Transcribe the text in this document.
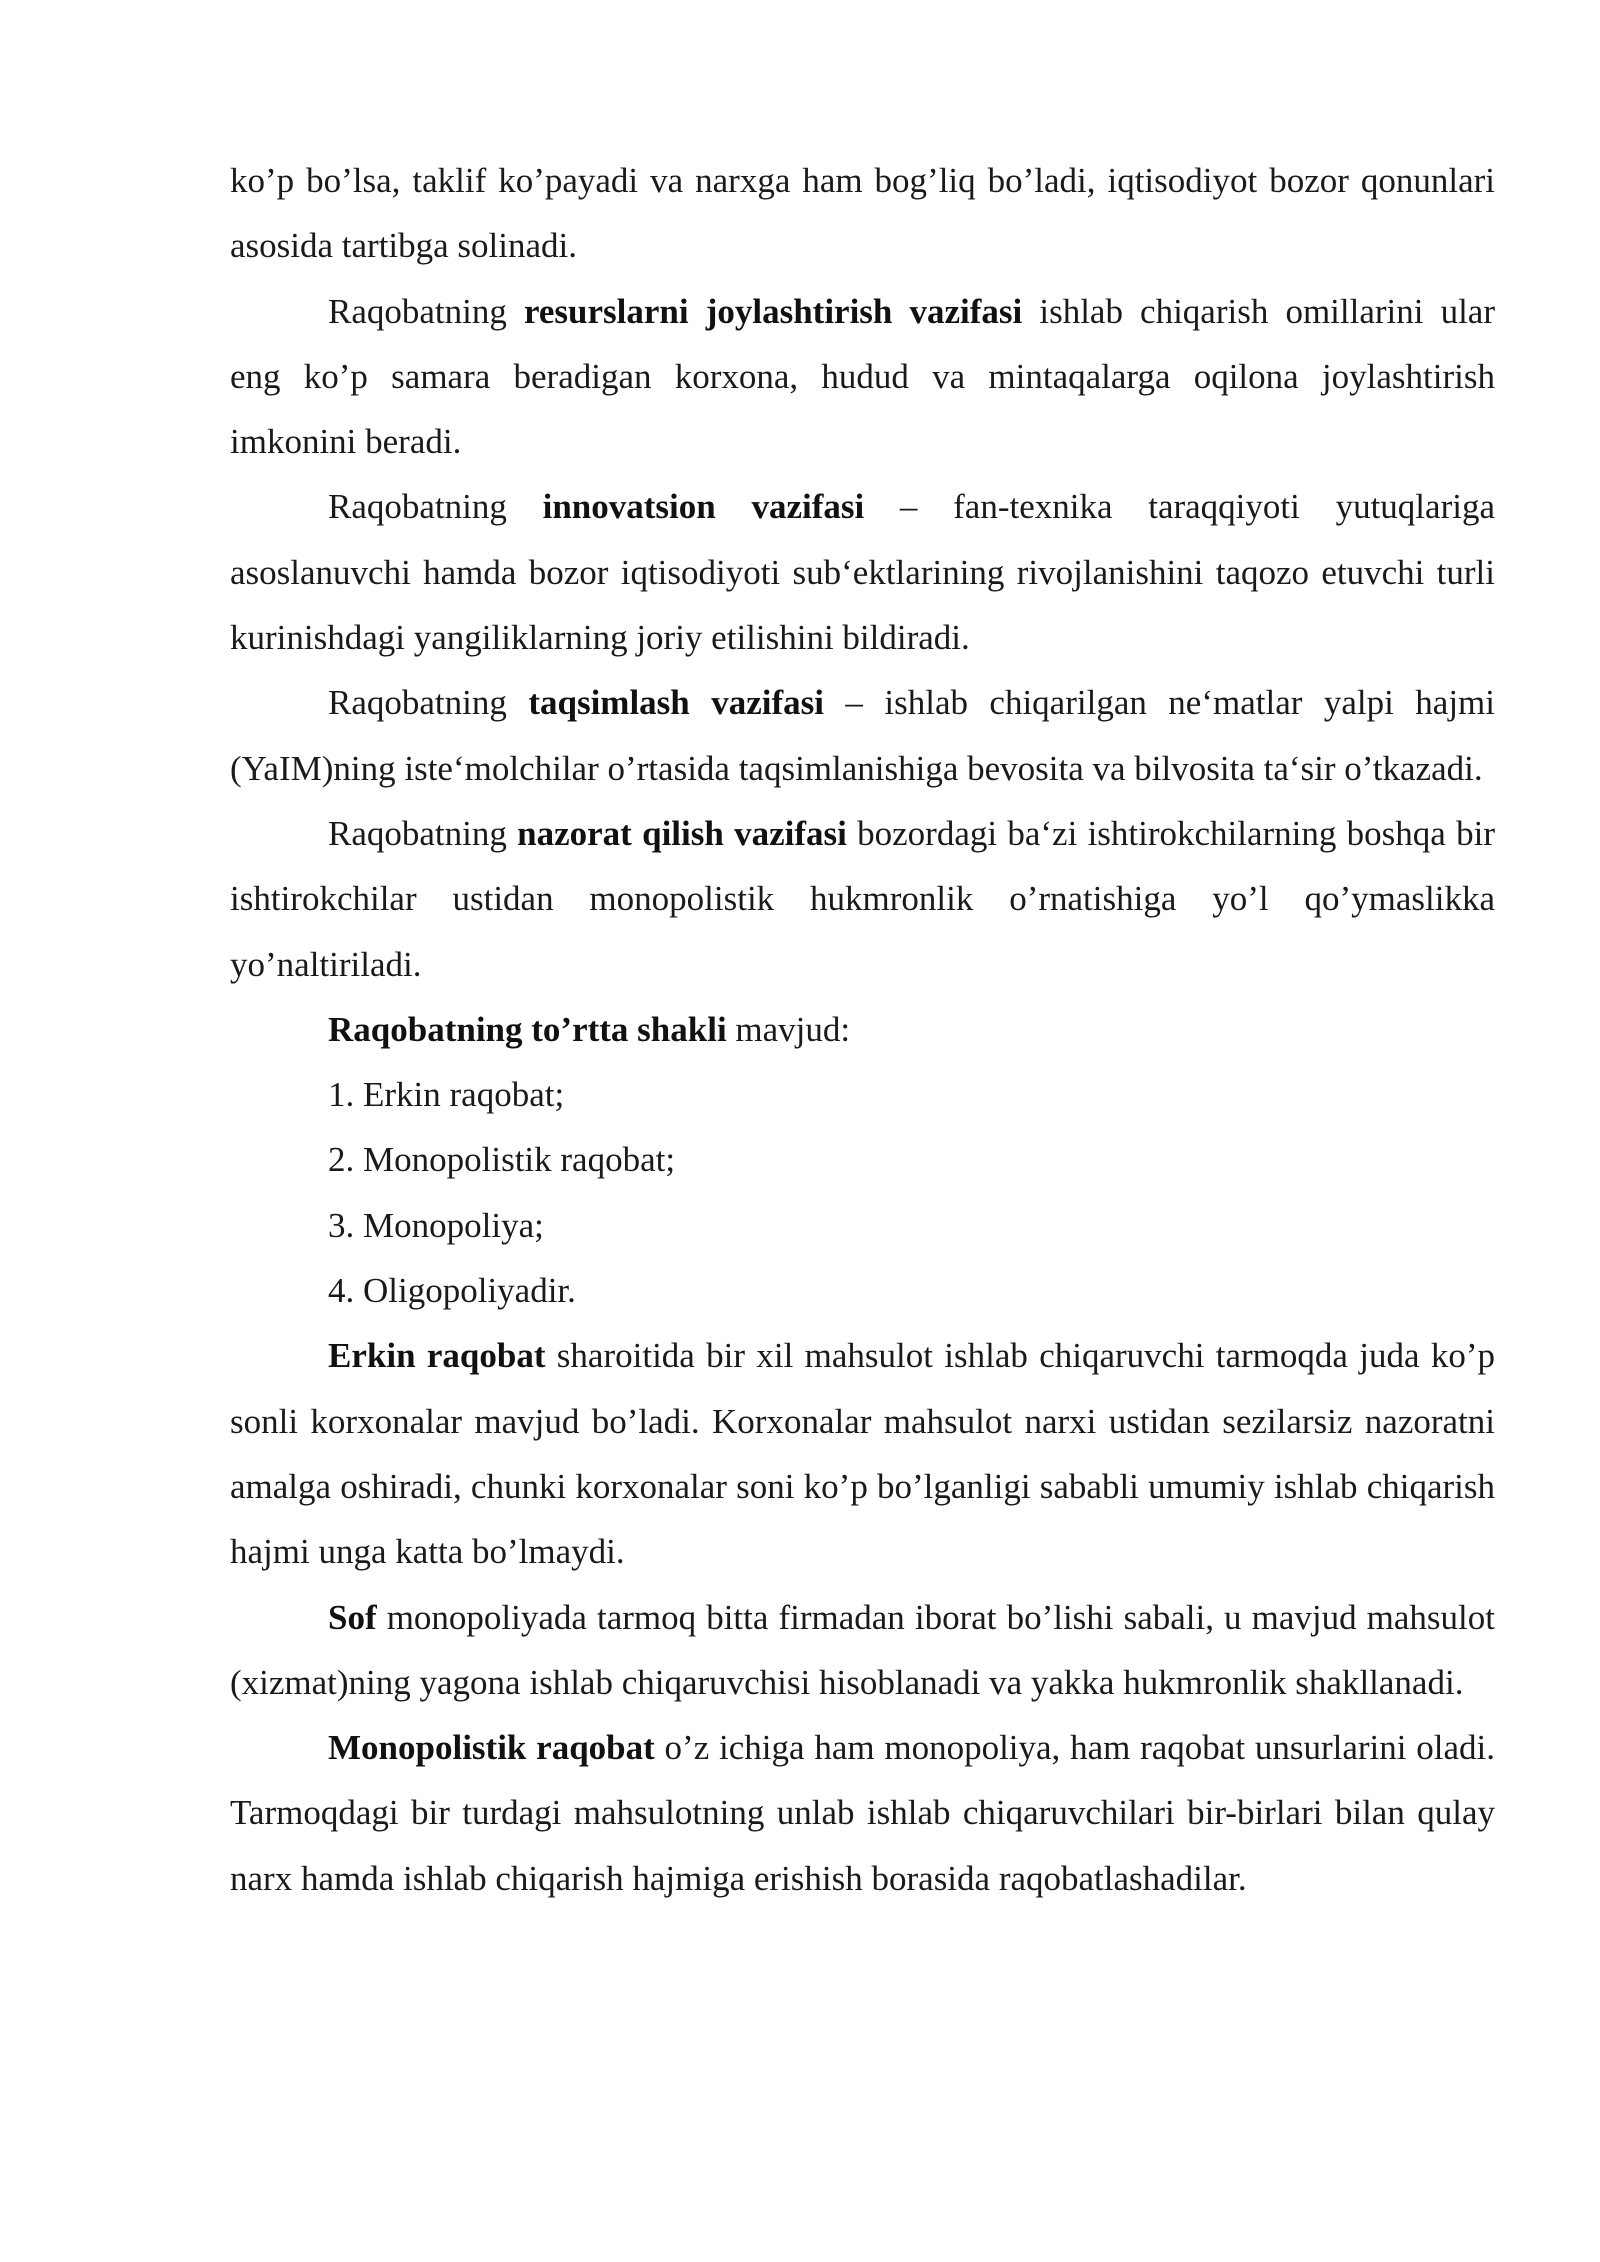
ko’p bo’lsa, taklif ko’payadi va narxga ham bog’liq bo’ladi, iqtisodiyot bozor qonunlari asosida tartibga solinadi.

Raqobatning resurslarni joylashtirish vazifasi ishlab chiqarish omillarini ular eng ko’p samara beradigan korxona, hudud va mintaqalarga oqilona joylashtirish imkonini beradi.

Raqobatning innovatsion vazifasi – fan-texnika taraqqiyoti yutuqlariga asoslanuvchi hamda bozor iqtisodiyoti sub‘ektlarining rivojlanishini taqozo etuvchi turli kurinishdagi yangiliklarning joriy etilishini bildiradi.

Raqobatning taqsimlash vazifasi – ishlab chiqarilgan ne‘matlar yalpi hajmi (YaIM)ning iste‘molchilar o’rtasida taqsimlanishiga bevosita va bilvosita ta‘sir o’tkazadi.

Raqobatning nazorat qilish vazifasi bozordagi ba‘zi ishtirokchilarning boshqa bir ishtirokchilar ustidan monopolistik hukmronlik o’rnatishiga yo’l qo’ymaslikka yo’naltiriladi.

Raqobatning to’rtta shakli mavjud:

1. Erkin raqobat;

2. Monopolistik raqobat;

3. Monopoliya;

4. Oligopoliyadir.

Erkin raqobat sharoitida bir xil mahsulot ishlab chiqaruvchi tarmoqda juda ko’p sonli korxonalar mavjud bo’ladi. Korxonalar mahsulot narxi ustidan sezilarsiz nazoratni amalga oshiradi, chunki korxonalar soni ko’p bo’lganligi sababli umumiy ishlab chiqarish hajmi unga katta bo’lmaydi.

Sof monopoliyada tarmoq bitta firmadan iborat bo’lishi sabali, u mavjud mahsulot (xizmat)ning yagona ishlab chiqaruvchisi hisoblanadi va yakka hukmronlik shakllanadi.

Monopolistik raqobat o’z ichiga ham monopoliya, ham raqobat unsurlarini oladi. Tarmoqdagi bir turdagi mahsulotning unlab ishlab chiqaruvchilari bir-birlari bilan qulay narx hamda ishlab chiqarish hajmiga erishish borasida raqobatlashadilar.
